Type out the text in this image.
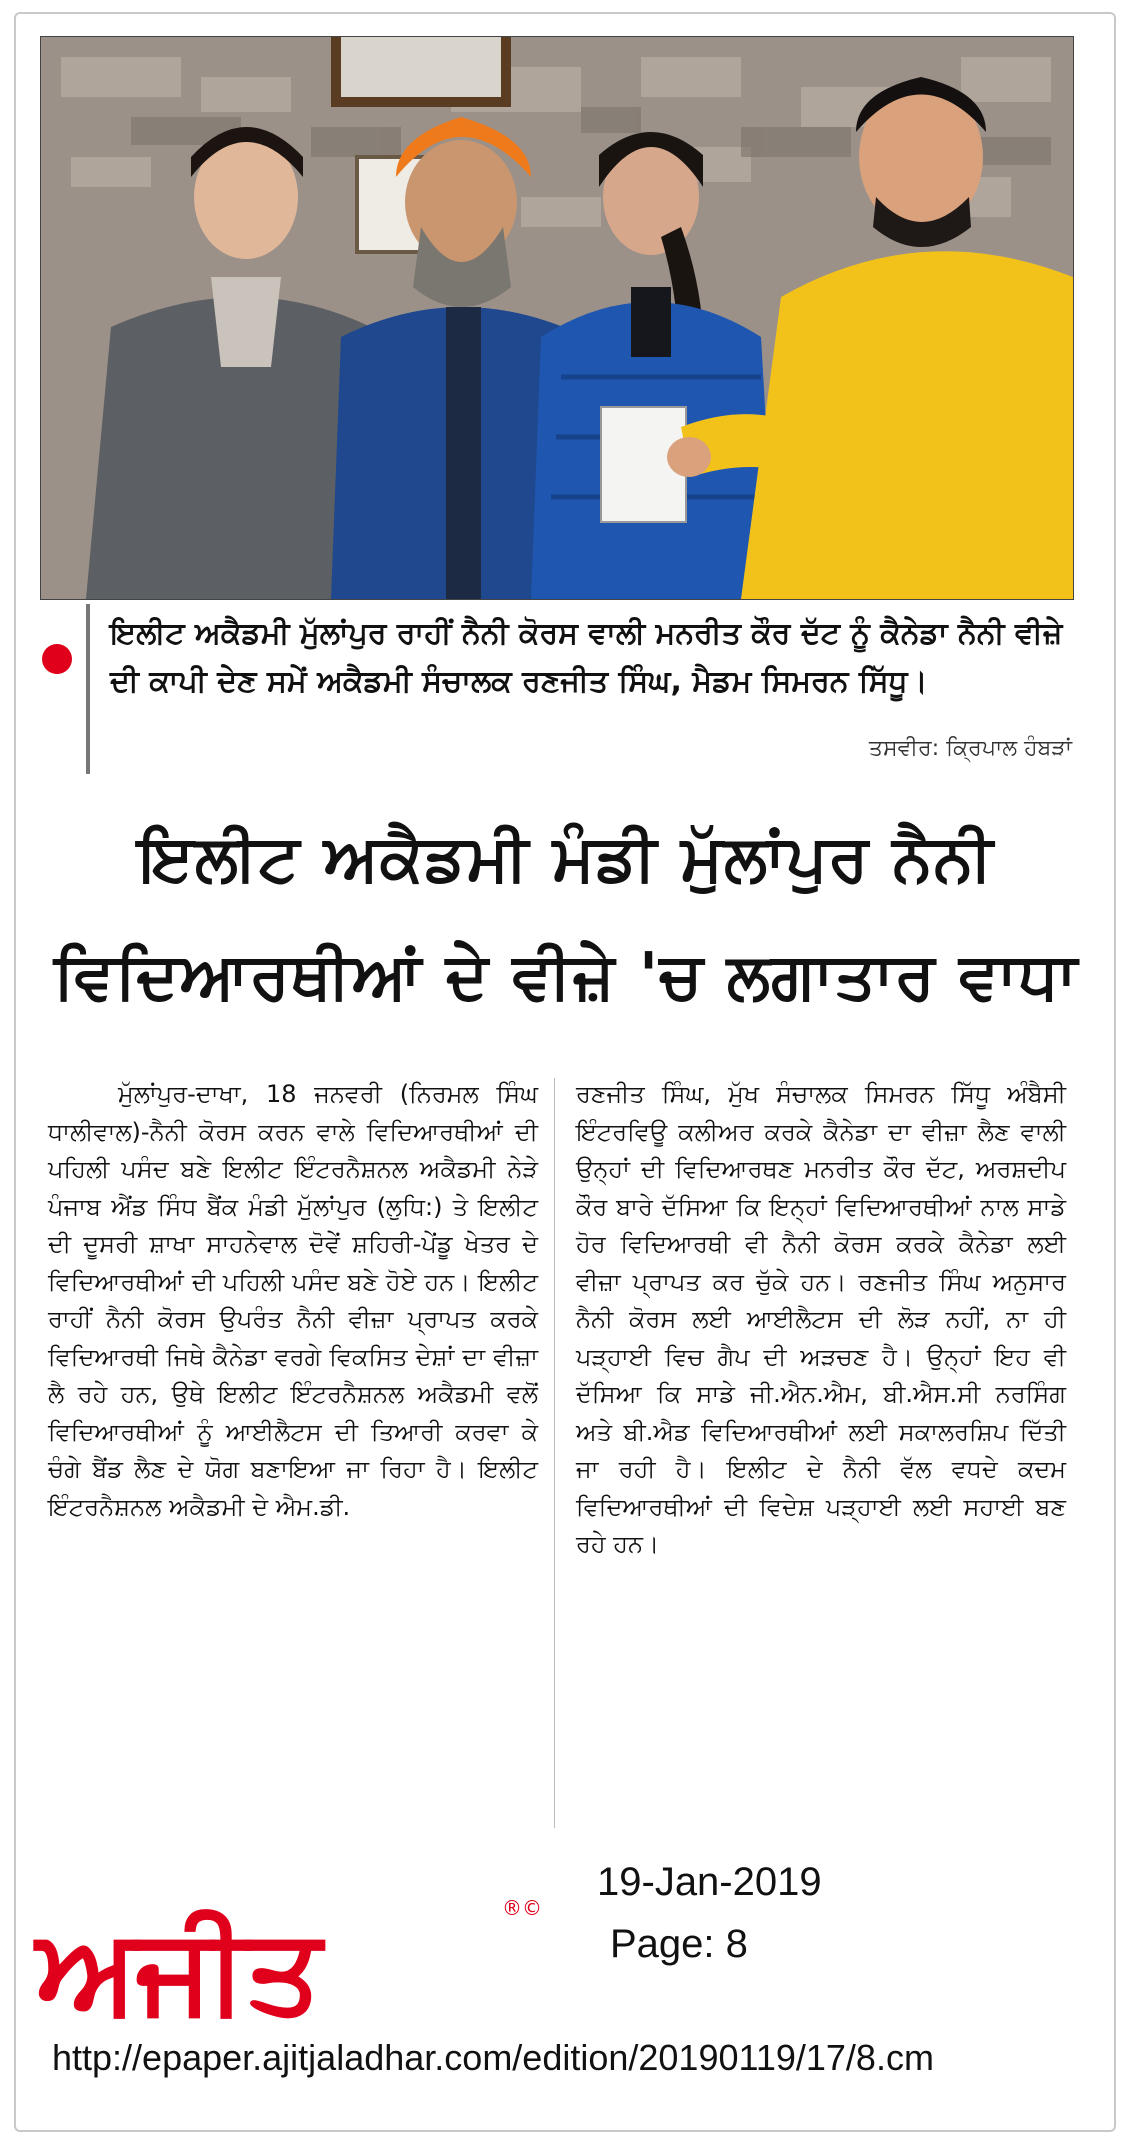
ਇਲੀਟ ਅਕੈਡਮੀ ਮੁੱਲਾਂਪੁਰ ਰਾਹੀਂ ਨੈਨੀ ਕੋਰਸ ਵਾਲੀ ਮਨਰੀਤ ਕੌਰ ਦੱਟ ਨੂੰ ਕੈਨੇਡਾ ਨੈਨੀ ਵੀਜ਼ੇ ਦੀ ਕਾਪੀ ਦੇਣ ਸਮੇਂ ਅਕੈਡਮੀ ਸੰਚਾਲਕ ਰਣਜੀਤ ਸਿੰਘ, ਮੈਡਮ ਸਿਮਰਨ ਸਿੱਧੂ।
ਤਸਵੀਰ: ਕ੍ਰਿਪਾਲ ਹੰਬੜਾਂ
ਇਲੀਟ ਅਕੈਡਮੀ ਮੰਡੀ ਮੁੱਲਾਂਪੁਰ ਨੈਨੀ
ਵਿਦਿਆਰਥੀਆਂ ਦੇ ਵੀਜ਼ੇ 'ਚ ਲਗਾਤਾਰ ਵਾਧਾ
ਮੁੱਲਾਂਪੁਰ-ਦਾਖਾ, 18 ਜਨਵਰੀ (ਨਿਰਮਲ ਸਿੰਘ ਧਾਲੀਵਾਲ)-ਨੈਨੀ ਕੋਰਸ ਕਰਨ ਵਾਲੇ ਵਿਦਿਆਰਥੀਆਂ ਦੀ ਪਹਿਲੀ ਪਸੰਦ ਬਣੇ ਇਲੀਟ ਇੰਟਰਨੈਸ਼ਨਲ ਅਕੈਡਮੀ ਨੇੜੇ ਪੰਜਾਬ ਐਂਡ ਸਿੰਧ ਬੈਂਕ ਮੰਡੀ ਮੁੱਲਾਂਪੁਰ (ਲੁਧਿ:) ਤੇ ਇਲੀਟ ਦੀ ਦੂਸਰੀ ਸ਼ਾਖਾ ਸਾਹਨੇਵਾਲ ਦੋਵੇਂ ਸ਼ਹਿਰੀ-ਪੇਂਡੂ ਖੇਤਰ ਦੇ ਵਿਦਿਆਰਥੀਆਂ ਦੀ ਪਹਿਲੀ ਪਸੰਦ ਬਣੇ ਹੋਏ ਹਨ। ਇਲੀਟ ਰਾਹੀਂ ਨੈਨੀ ਕੋਰਸ ਉਪਰੰਤ ਨੈਨੀ ਵੀਜ਼ਾ ਪ੍ਰਾਪਤ ਕਰਕੇ ਵਿਦਿਆਰਥੀ ਜਿਥੇ ਕੈਨੇਡਾ ਵਰਗੇ ਵਿਕਸਿਤ ਦੇਸ਼ਾਂ ਦਾ ਵੀਜ਼ਾ ਲੈ ਰਹੇ ਹਨ, ਉਥੇ ਇਲੀਟ ਇੰਟਰਨੈਸ਼ਨਲ ਅਕੈਡਮੀ ਵਲੋਂ ਵਿਦਿਆਰਥੀਆਂ ਨੂੰ ਆਈਲੈਟਸ ਦੀ ਤਿਆਰੀ ਕਰਵਾ ਕੇ ਚੰਗੇ ਬੈਂਡ ਲੈਣ ਦੇ ਯੋਗ ਬਣਾਇਆ ਜਾ ਰਿਹਾ ਹੈ। ਇਲੀਟ ਇੰਟਰਨੈਸ਼ਨਲ ਅਕੈਡਮੀ ਦੇ ਐਮ.ਡੀ.
ਰਣਜੀਤ ਸਿੰਘ, ਮੁੱਖ ਸੰਚਾਲਕ ਸਿਮਰਨ ਸਿੱਧੂ ਅੰਬੈਸੀ ਇੰਟਰਵਿਊ ਕਲੀਅਰ ਕਰਕੇ ਕੈਨੇਡਾ ਦਾ ਵੀਜ਼ਾ ਲੈਣ ਵਾਲੀ ਉਨ੍ਹਾਂ ਦੀ ਵਿਦਿਆਰਥਣ ਮਨਰੀਤ ਕੌਰ ਦੱਟ, ਅਰਸ਼ਦੀਪ ਕੌਰ ਬਾਰੇ ਦੱਸਿਆ ਕਿ ਇਨ੍ਹਾਂ ਵਿਦਿਆਰਥੀਆਂ ਨਾਲ ਸਾਡੇ ਹੋਰ ਵਿਦਿਆਰਥੀ ਵੀ ਨੈਨੀ ਕੋਰਸ ਕਰਕੇ ਕੈਨੇਡਾ ਲਈ ਵੀਜ਼ਾ ਪ੍ਰਾਪਤ ਕਰ ਚੁੱਕੇ ਹਨ। ਰਣਜੀਤ ਸਿੰਘ ਅਨੁਸਾਰ ਨੈਨੀ ਕੋਰਸ ਲਈ ਆਈਲੈਟਸ ਦੀ ਲੋੜ ਨਹੀਂ, ਨਾ ਹੀ ਪੜ੍ਹਾਈ ਵਿਚ ਗੈਪ ਦੀ ਅੜਚਣ ਹੈ। ਉਨ੍ਹਾਂ ਇਹ ਵੀ ਦੱਸਿਆ ਕਿ ਸਾਡੇ ਜੀ.ਐਨ.ਐਮ, ਬੀ.ਐਸ.ਸੀ ਨਰਸਿੰਗ ਅਤੇ ਬੀ.ਐਡ ਵਿਦਿਆਰਥੀਆਂ ਲਈ ਸਕਾਲਰਸ਼ਿਪ ਦਿੱਤੀ ਜਾ ਰਹੀ ਹੈ। ਇਲੀਟ ਦੇ ਨੈਨੀ ਵੱਲ ਵਧਦੇ ਕਦਮ ਵਿਦਿਆਰਥੀਆਂ ਦੀ ਵਿਦੇਸ਼ ਪੜ੍ਹਾਈ ਲਈ ਸਹਾਈ ਬਣ ਰਹੇ ਹਨ।
ਅਜੀਤ	®©
19-Jan-2019
Page: 8
http://epaper.ajitjaladhar.com/edition/20190119/17/8.cm
